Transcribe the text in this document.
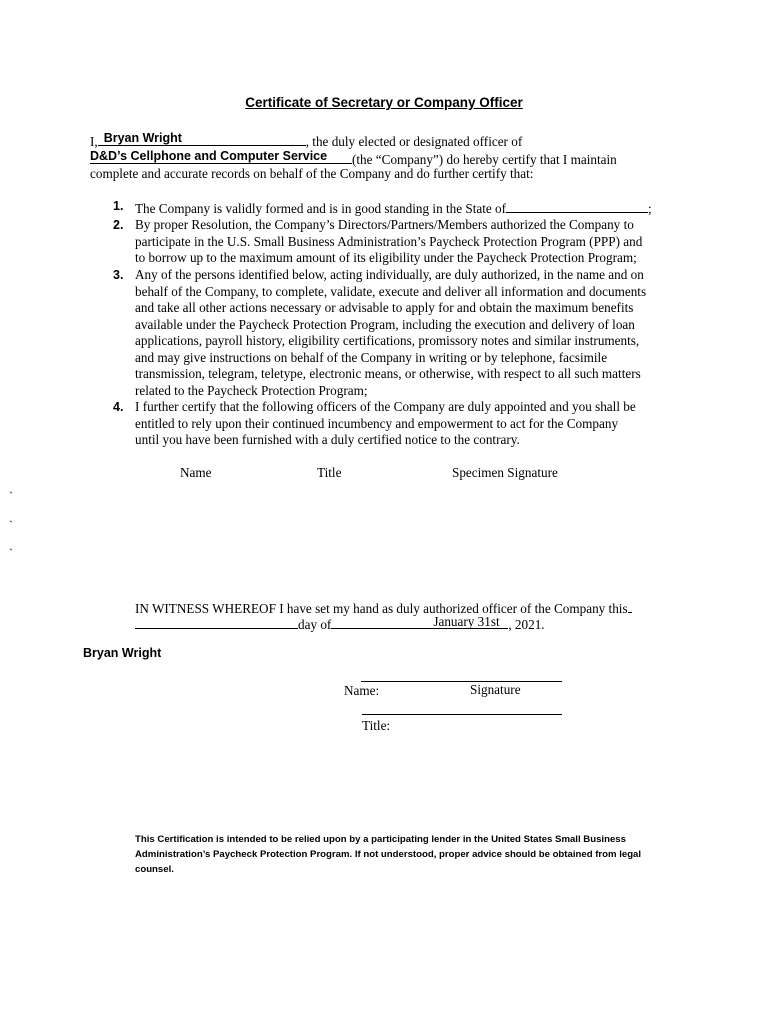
Certificate of Secretary or Company Officer
I, Bryan Wright	, the duly elected or designated officer of
D&D’s Cellphone and Computer Service (the “Company”) do hereby certify that I maintain
complete and accurate records on behalf of the Company and do further certify that:
1. The Company is validly formed and is in good standing in the State of	;
2. By proper Resolution, the Company’s Directors/Partners/Members authorized the Company to
participate in the U.S. Small Business Administration’s Paycheck Protection Program (PPP) and
to borrow up to the maximum amount of its eligibility under the Paycheck Protection Program;
3. Any of the persons identified below, acting individually, are duly authorized, in the name and on
behalf of the Company, to complete, validate, execute and deliver all information and documents
and take all other actions necessary or advisable to apply for and obtain the maximum benefits
available under the Paycheck Protection Program, including the execution and delivery of loan
applications, payroll history, eligibility certifications, promissory notes and similar instruments,
and may give instructions on behalf of the Company in writing or by telephone, facsimile
transmission, telegram, teletype, electronic means, or otherwise, with respect to all such matters
related to the Paycheck Protection Program;
4. I further certify that the following officers of the Company are duly appointed and you shall be
entitled to rely upon their continued incumbency and empowerment to act for the Company
until you have been furnished with a duly certified notice to the contrary.
Name	Title	Specimen Signature
`
`
`
IN WITNESS WHEREOF I have set my hand as duly authorized officer of the Company this
day of	January 31st , 2021.
Bryan Wright
Name:	Signature
Title:
This Certification is intended to be relied upon by a participating lender in the United States Small Business Administration’s Paycheck Protection Program. If not understood, proper advice should be obtained from legal counsel.
